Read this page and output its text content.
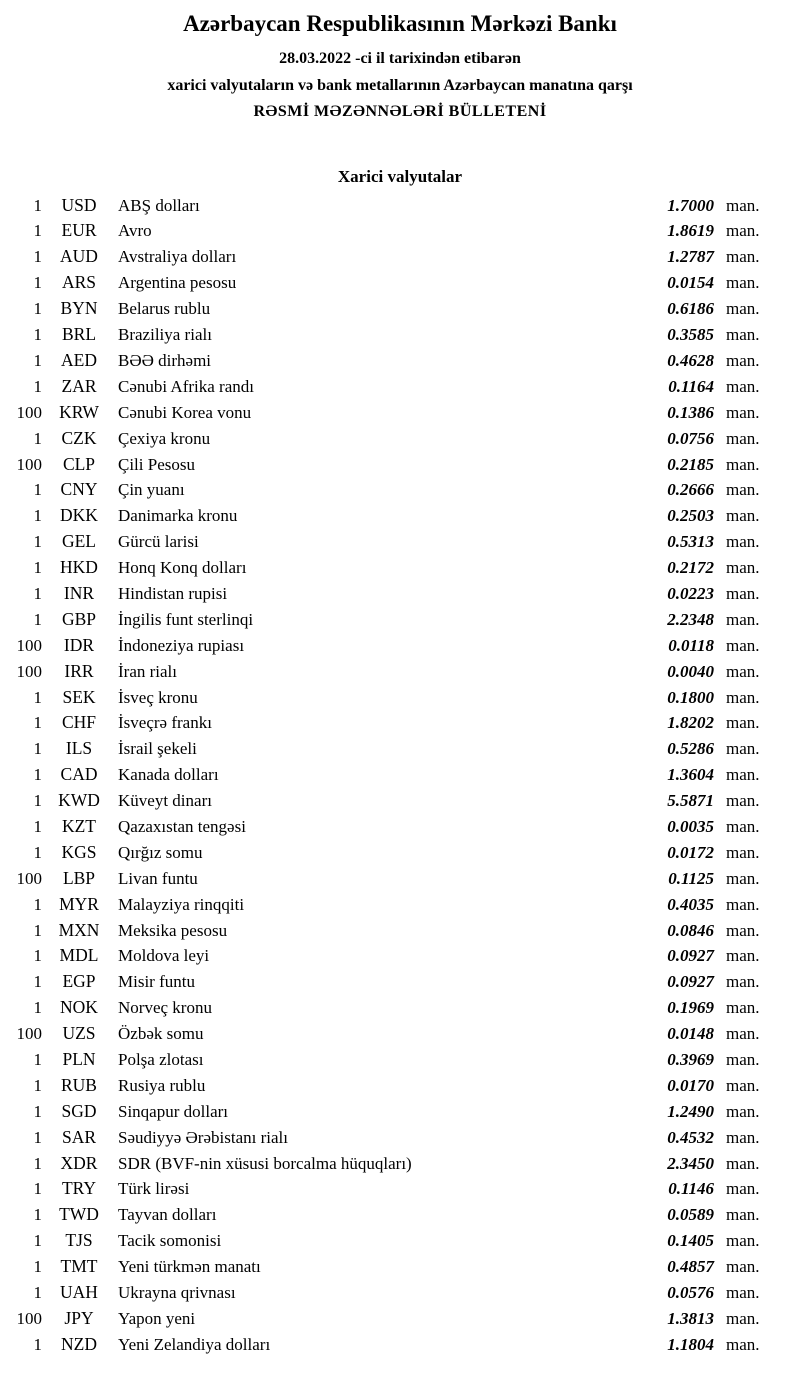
Azərbaycan Respublikasının Mərkəzi Bankı
28.03.2022 -ci il tarixindən etibarən
xarici valyutaların və bank metallarının Azərbaycan manatına qarşı
RƏSMİ MƏZƏNNƏLƏRİ BÜLLETENİ
Xarici valyutalar
1	USD	ABŞ dolları	1.7000 man.
1	EUR	Avro	1.8619 man.
1	AUD	Avstraliya dolları	1.2787 man.
1	ARS	Argentina pesosu	0.0154 man.
1	BYN	Belarus rublu	0.6186 man.
1	BRL	Braziliya rialı	0.3585 man.
1	AED	BƏƏ dirhəmi	0.4628 man.
1	ZAR	Cənubi Afrika randı	0.1164 man.
100 KRW	Cənubi Korea vonu	0.1386 man.
1	CZK	Çexiya kronu	0.0756 man.
100	CLP	Çili Pesosu	0.2185 man.
1	CNY	Çin yuanı	0.2666 man.
1	DKK	Danimarka kronu	0.2503 man.
1	GEL	Gürcü larisi	0.5313 man.
1	HKD	Honq Konq dolları	0.2172 man.
1	INR	Hindistan rupisi	0.0223 man.
1	GBP	İngilis funt sterlinqi	2.2348 man.
100	IDR	İndoneziya rupiası	0.0118 man.
100	IRR	İran rialı	0.0040 man.
1	SEK	İsveç kronu	0.1800 man.
1	CHF	İsveçrə frankı	1.8202 man.
1	ILS	İsrail şekeli	0.5286 man.
1	CAD	Kanada dolları	1.3604 man.
1 KWD	Küveyt dinarı	5.5871 man.
1	KZT	Qazaxıstan tengəsi	0.0035 man.
1	KGS	Qırğız somu	0.0172 man.
100	LBP	Livan funtu	0.1125 man.
1 MYR	Malayziya rinqqiti	0.4035 man.
1 MXN	Meksika pesosu	0.0846 man.
1	MDL	Moldova leyi	0.0927 man.
1	EGP	Misir funtu	0.0927 man.
1	NOK	Norveç kronu	0.1969 man.
100	UZS	Özbək somu	0.0148 man.
1	PLN	Polşa zlotası	0.3969 man.
1	RUB	Rusiya rublu	0.0170 man.
1	SGD	Sinqapur dolları	1.2490 man.
1	SAR	Səudiyyə Ərəbistanı rialı	0.4532 man.
1	XDR	SDR (BVF-nin xüsusi borcalma hüquqları)	2.3450 man.
1	TRY	Türk lirəsi	0.1146 man.
1 TWD	Tayvan dolları	0.0589 man.
1	TJS	Tacik somonisi	0.1405 man.
1	TMT	Yeni türkmən manatı	0.4857 man.
1	UAH	Ukrayna qrivnası	0.0576 man.
100	JPY	Yapon yeni	1.3813 man.
1	NZD	Yeni Zelandiya dolları	1.1804 man.
